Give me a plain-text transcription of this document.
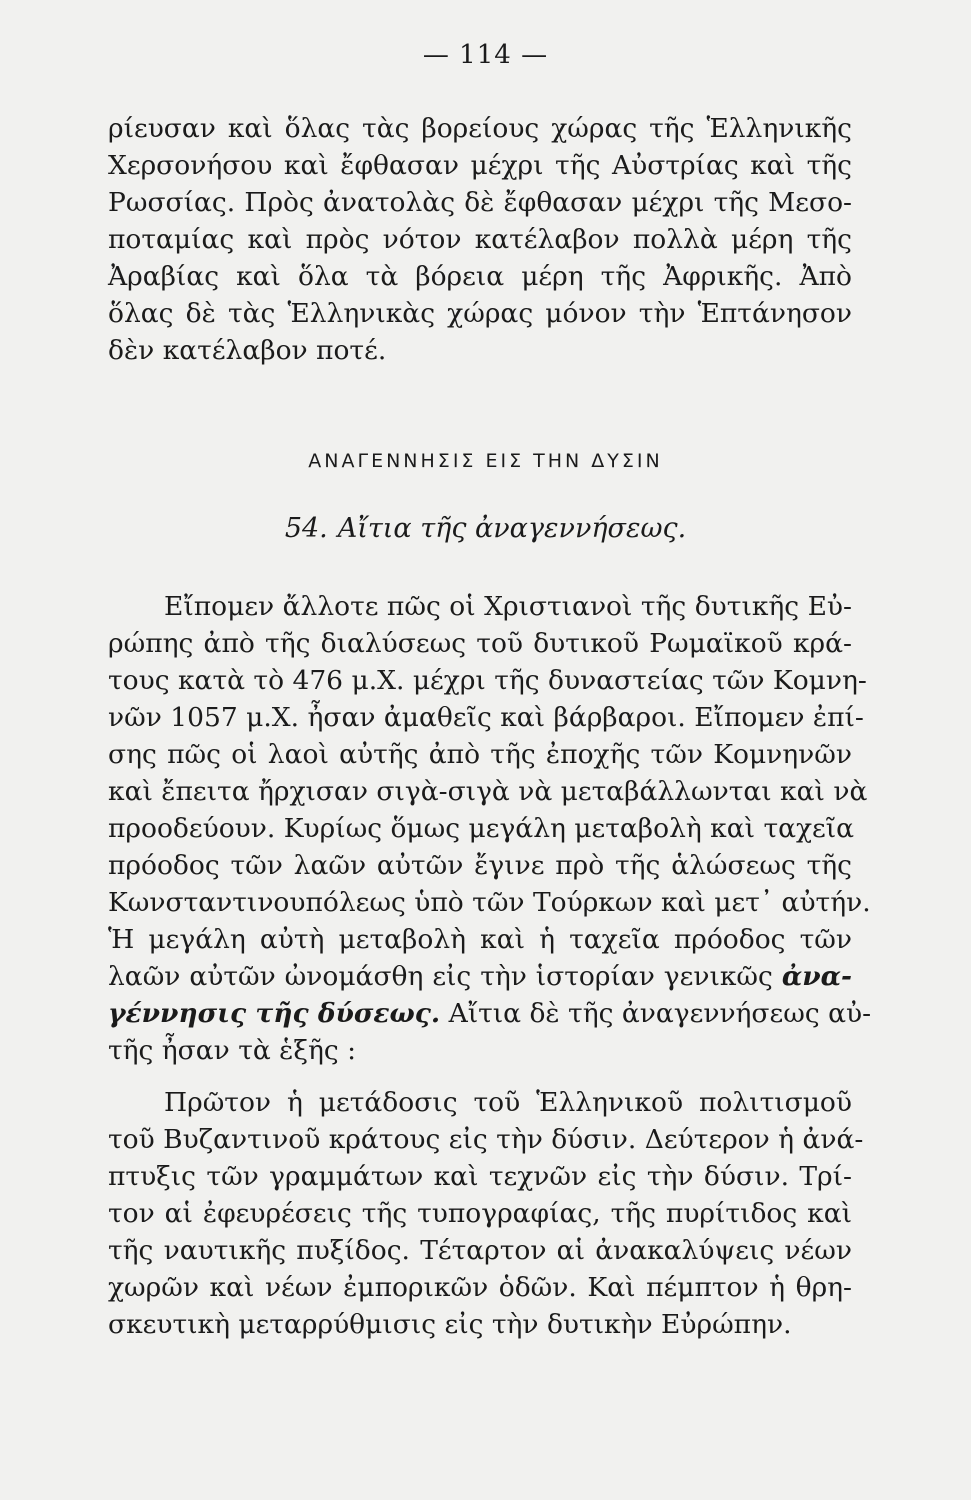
— 114 —
ρίευσαν καὶ ὅλας τὰς βορείους χώρας τῆς Ἑλληνικῆς
Χερσονήσου καὶ ἔφθασαν μέχρι τῆς Αὐστρίας καὶ τῆς
Ρωσσίας. Πρὸς ἀνατολὰς δὲ ἔφθασαν μέχρι τῆς Μεσο-
ποταμίας καὶ πρὸς νότον κατέλαβον πολλὰ μέρη τῆς
Ἀραβίας καὶ ὅλα τὰ βόρεια μέρη τῆς Ἀφρικῆς. Ἀπὸ
ὅλας δὲ τὰς Ἑλληνικὰς χώρας μόνον τὴν Ἑπτάνησον
δὲν κατέλαβον ποτέ.
ΑΝΑΓΕΝΝΗΣΙΣ ΕΙΣ ΤΗΝ ΔΥΣΙΝ
54. Αἴτια τῆς ἀναγεννήσεως.
Εἴπομεν ἄλλοτε πῶς οἱ Χριστιανοὶ τῆς δυτικῆς Εὐ-
ρώπης ἀπὸ τῆς διαλύσεως τοῦ δυτικοῦ Ρωμαϊκοῦ κρά-
τους κατὰ τὸ 476 μ.Χ. μέχρι τῆς δυναστείας τῶν Κομνη-
νῶν 1057 μ.Χ. ἦσαν ἀμαθεῖς καὶ βάρβαροι. Εἴπομεν ἐπί-
σης πῶς οἱ λαοὶ αὐτῆς ἀπὸ τῆς ἐποχῆς τῶν Κομνηνῶν
καὶ ἔπειτα ἤρχισαν σιγὰ-σιγὰ νὰ μεταβάλλωνται καὶ νὰ
προοδεύουν. Κυρίως ὅμως μεγάλη μεταβολὴ καὶ ταχεῖα
πρόοδος τῶν λαῶν αὐτῶν ἔγινε πρὸ τῆς ἁλώσεως τῆς
Κωνσταντινουπόλεως ὑπὸ τῶν Τούρκων καὶ μετ᾽ αὐτήν.
Ἡ μεγάλη αὐτὴ μεταβολὴ καὶ ἡ ταχεῖα πρόοδος τῶν
λαῶν αὐτῶν ὠνομάσθη εἰς τὴν ἱστορίαν γενικῶς ἀνα-
γέννησις τῆς δύσεως. Αἴτια δὲ τῆς ἀναγεννήσεως αὐ-
τῆς ἦσαν τὰ ἑξῆς :
Πρῶτον ἡ μετάδοσις τοῦ Ἑλληνικοῦ πολιτισμοῦ
τοῦ Βυζαντινοῦ κράτους εἰς τὴν δύσιν. Δεύτερον ἡ ἀνά-
πτυξις τῶν γραμμάτων καὶ τεχνῶν εἰς τὴν δύσιν. Τρί-
τον αἱ ἐφευρέσεις τῆς τυπογραφίας, τῆς πυρίτιδος καὶ
τῆς ναυτικῆς πυξίδος. Τέταρτον αἱ ἀνακαλύψεις νέων
χωρῶν καὶ νέων ἐμπορικῶν ὁδῶν. Καὶ πέμπτον ἡ θρη-
σκευτικὴ μεταρρύθμισις εἰς τὴν δυτικὴν Εὐρώπην.
